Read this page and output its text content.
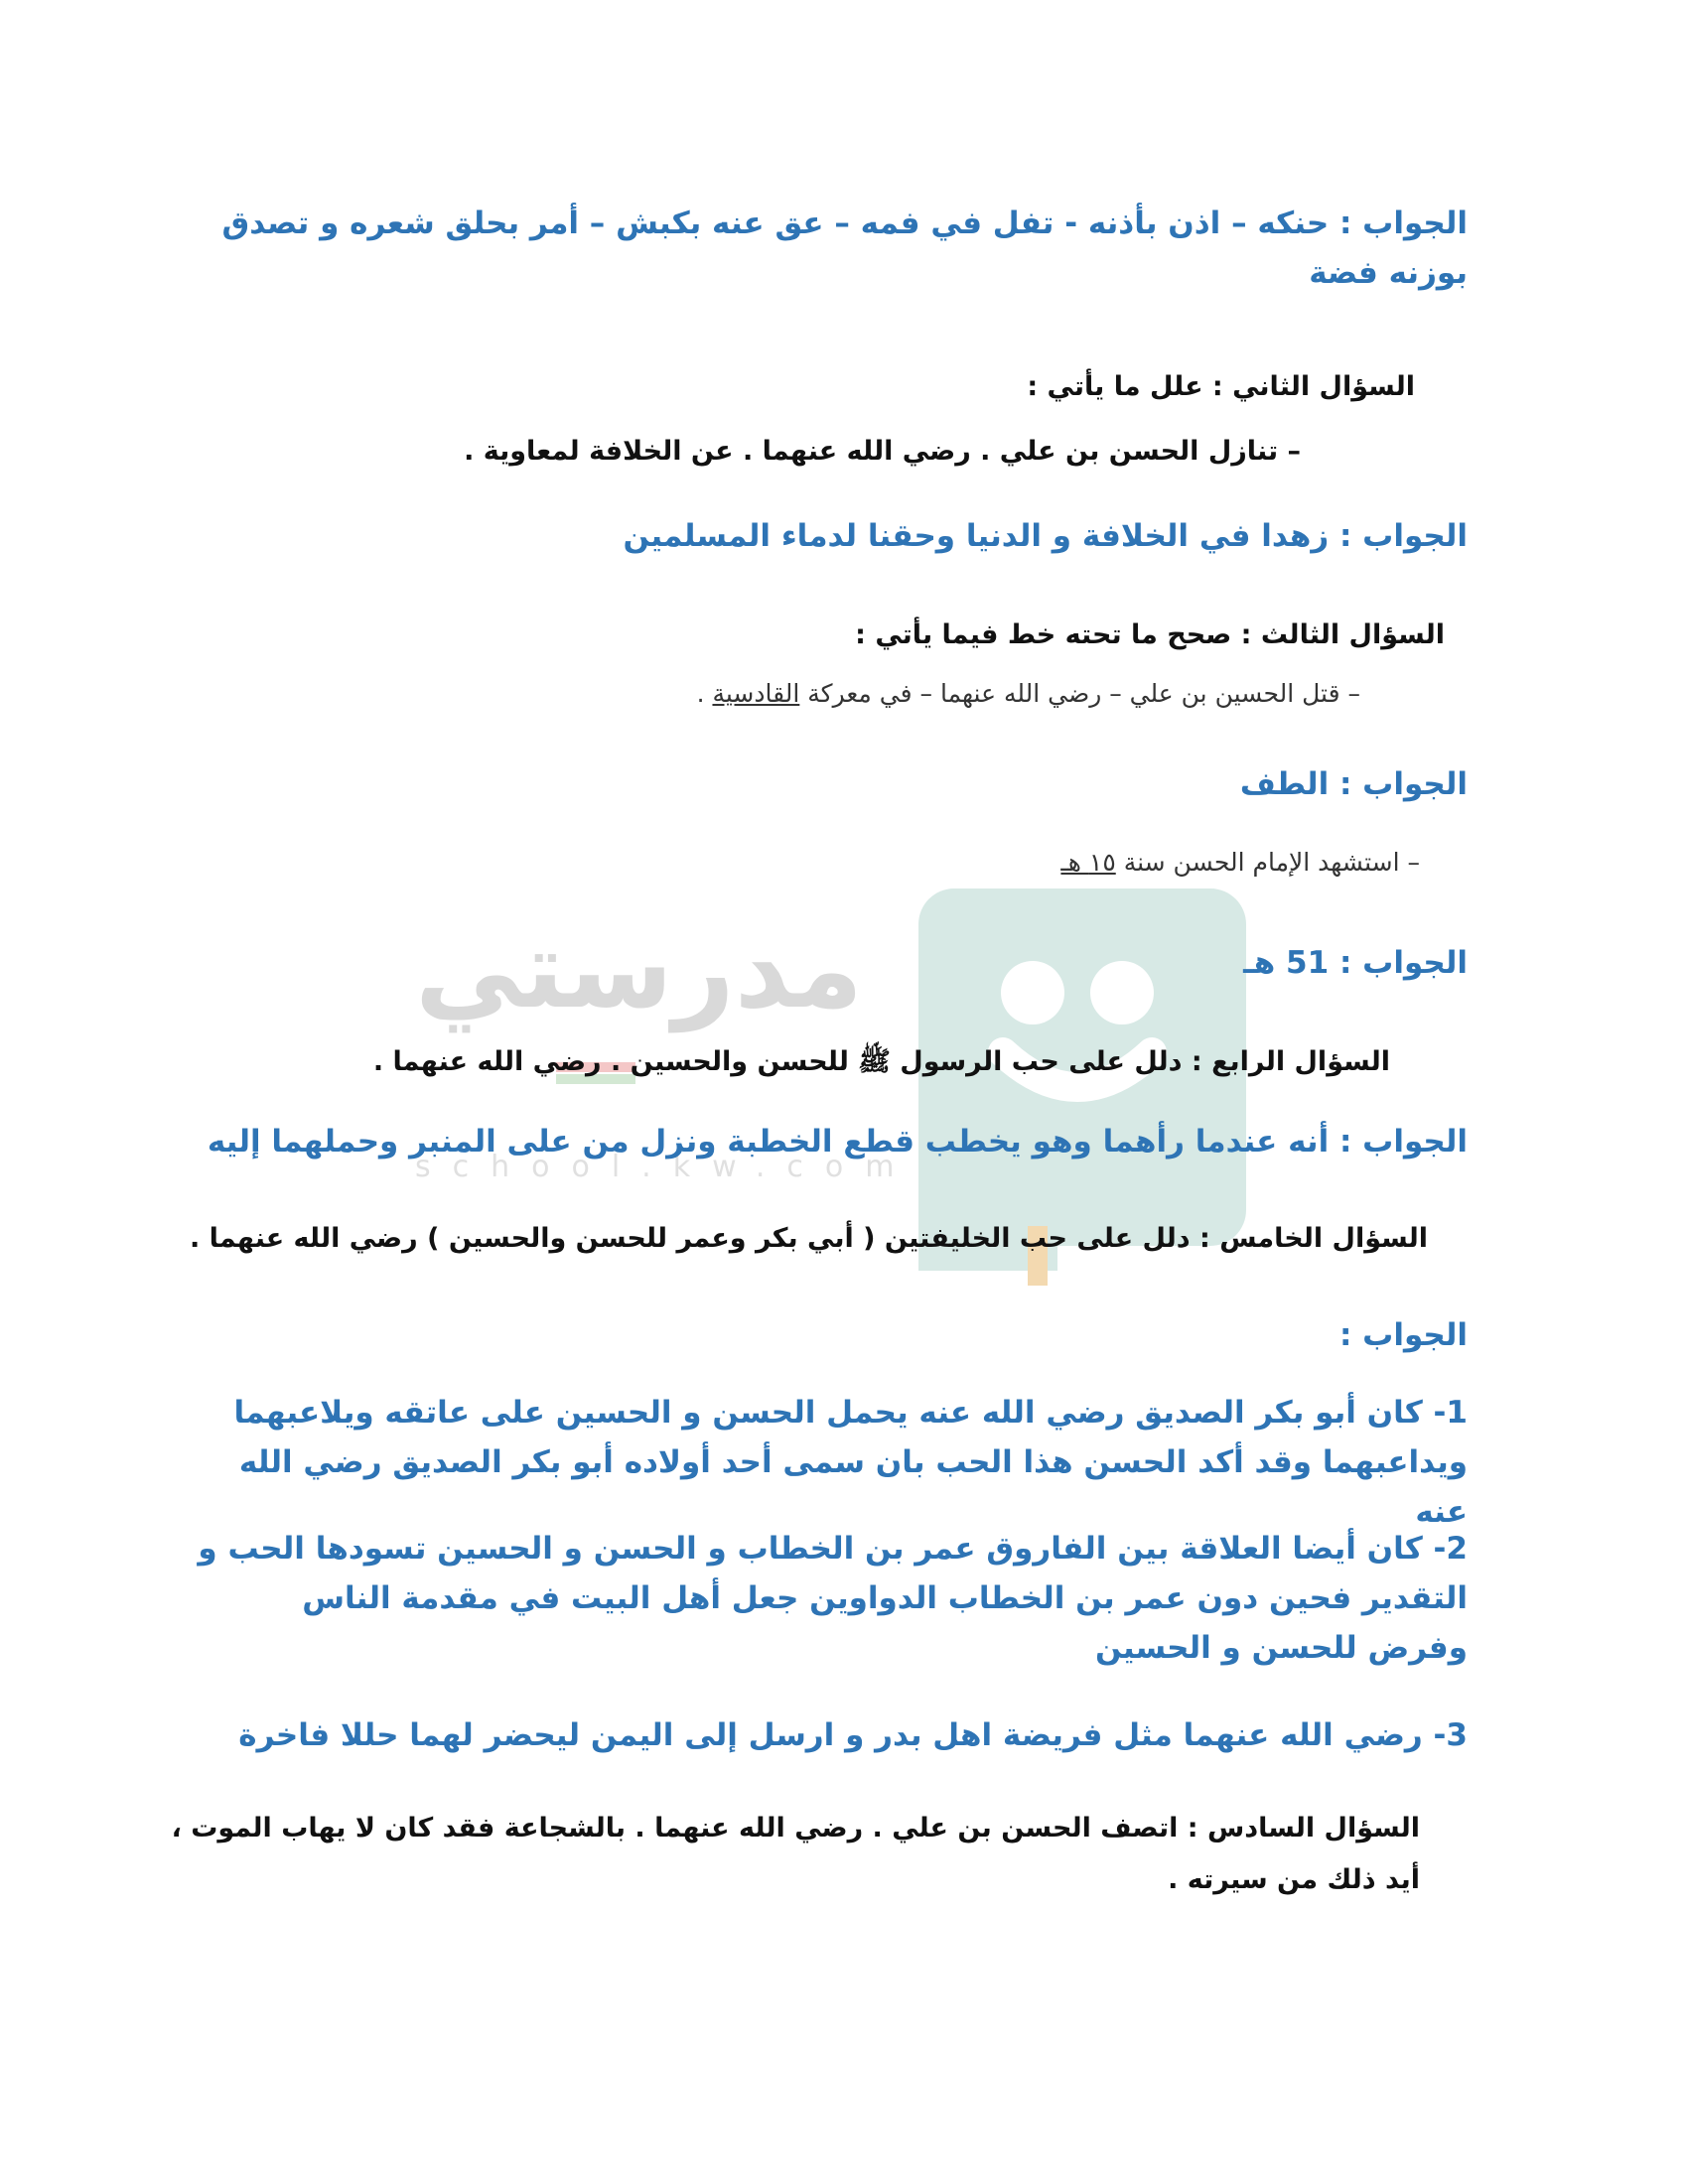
مدرستي
school.kw.com
الجواب : حنكه – اذن بأذنه - تفل في فمه – عق عنه بكبش – أمر بحلق شعره و تصدق
بوزنه فضة
السؤال الثاني : علل ما يأتي :
– تنازل الحسن بن علي . رضي الله عنهما . عن الخلافة لمعاوية .
الجواب : زهدا في الخلافة و الدنيا وحقنا لدماء المسلمين
السؤال الثالث : صحح ما تحته خط فيما يأتي :
– قتل الحسين بن علي – رضي الله عنهما – في معركة القادسية .
الجواب : الطف
– استشهد الإمام الحسن سنة ١٥ هـ
الجواب : 51 هـ
السؤال الرابع : دلل على حب الرسول ﷺ للحسن والحسين . رضي الله عنهما .
الجواب : أنه عندما رأهما وهو يخطب قطع الخطبة ونزل من على المنبر وحملهما إليه
السؤال الخامس : دلل على حب الخليفتين ( أبي بكر وعمر للحسن والحسين ) رضي الله عنهما .
الجواب :
1- كان أبو بكر الصديق رضي الله عنه يحمل الحسن و الحسين على عاتقه ويلاعبهما ويداعبهما وقد أكد الحسن هذا الحب بان سمى أحد أولاده أبو بكر الصديق رضي الله عنه
2- كان أيضا العلاقة بين الفاروق عمر بن الخطاب و الحسن و الحسين تسودها الحب و التقدير فحين دون عمر بن الخطاب الدواوين جعل أهل البيت في مقدمة الناس وفرض للحسن و الحسين
3- رضي الله عنهما مثل فريضة اهل بدر و ارسل إلى اليمن ليحضر لهما حللا فاخرة
السؤال السادس : اتصف الحسن بن علي . رضي الله عنهما . بالشجاعة فقد كان لا يهاب الموت ،
أيد ذلك من سيرته .
